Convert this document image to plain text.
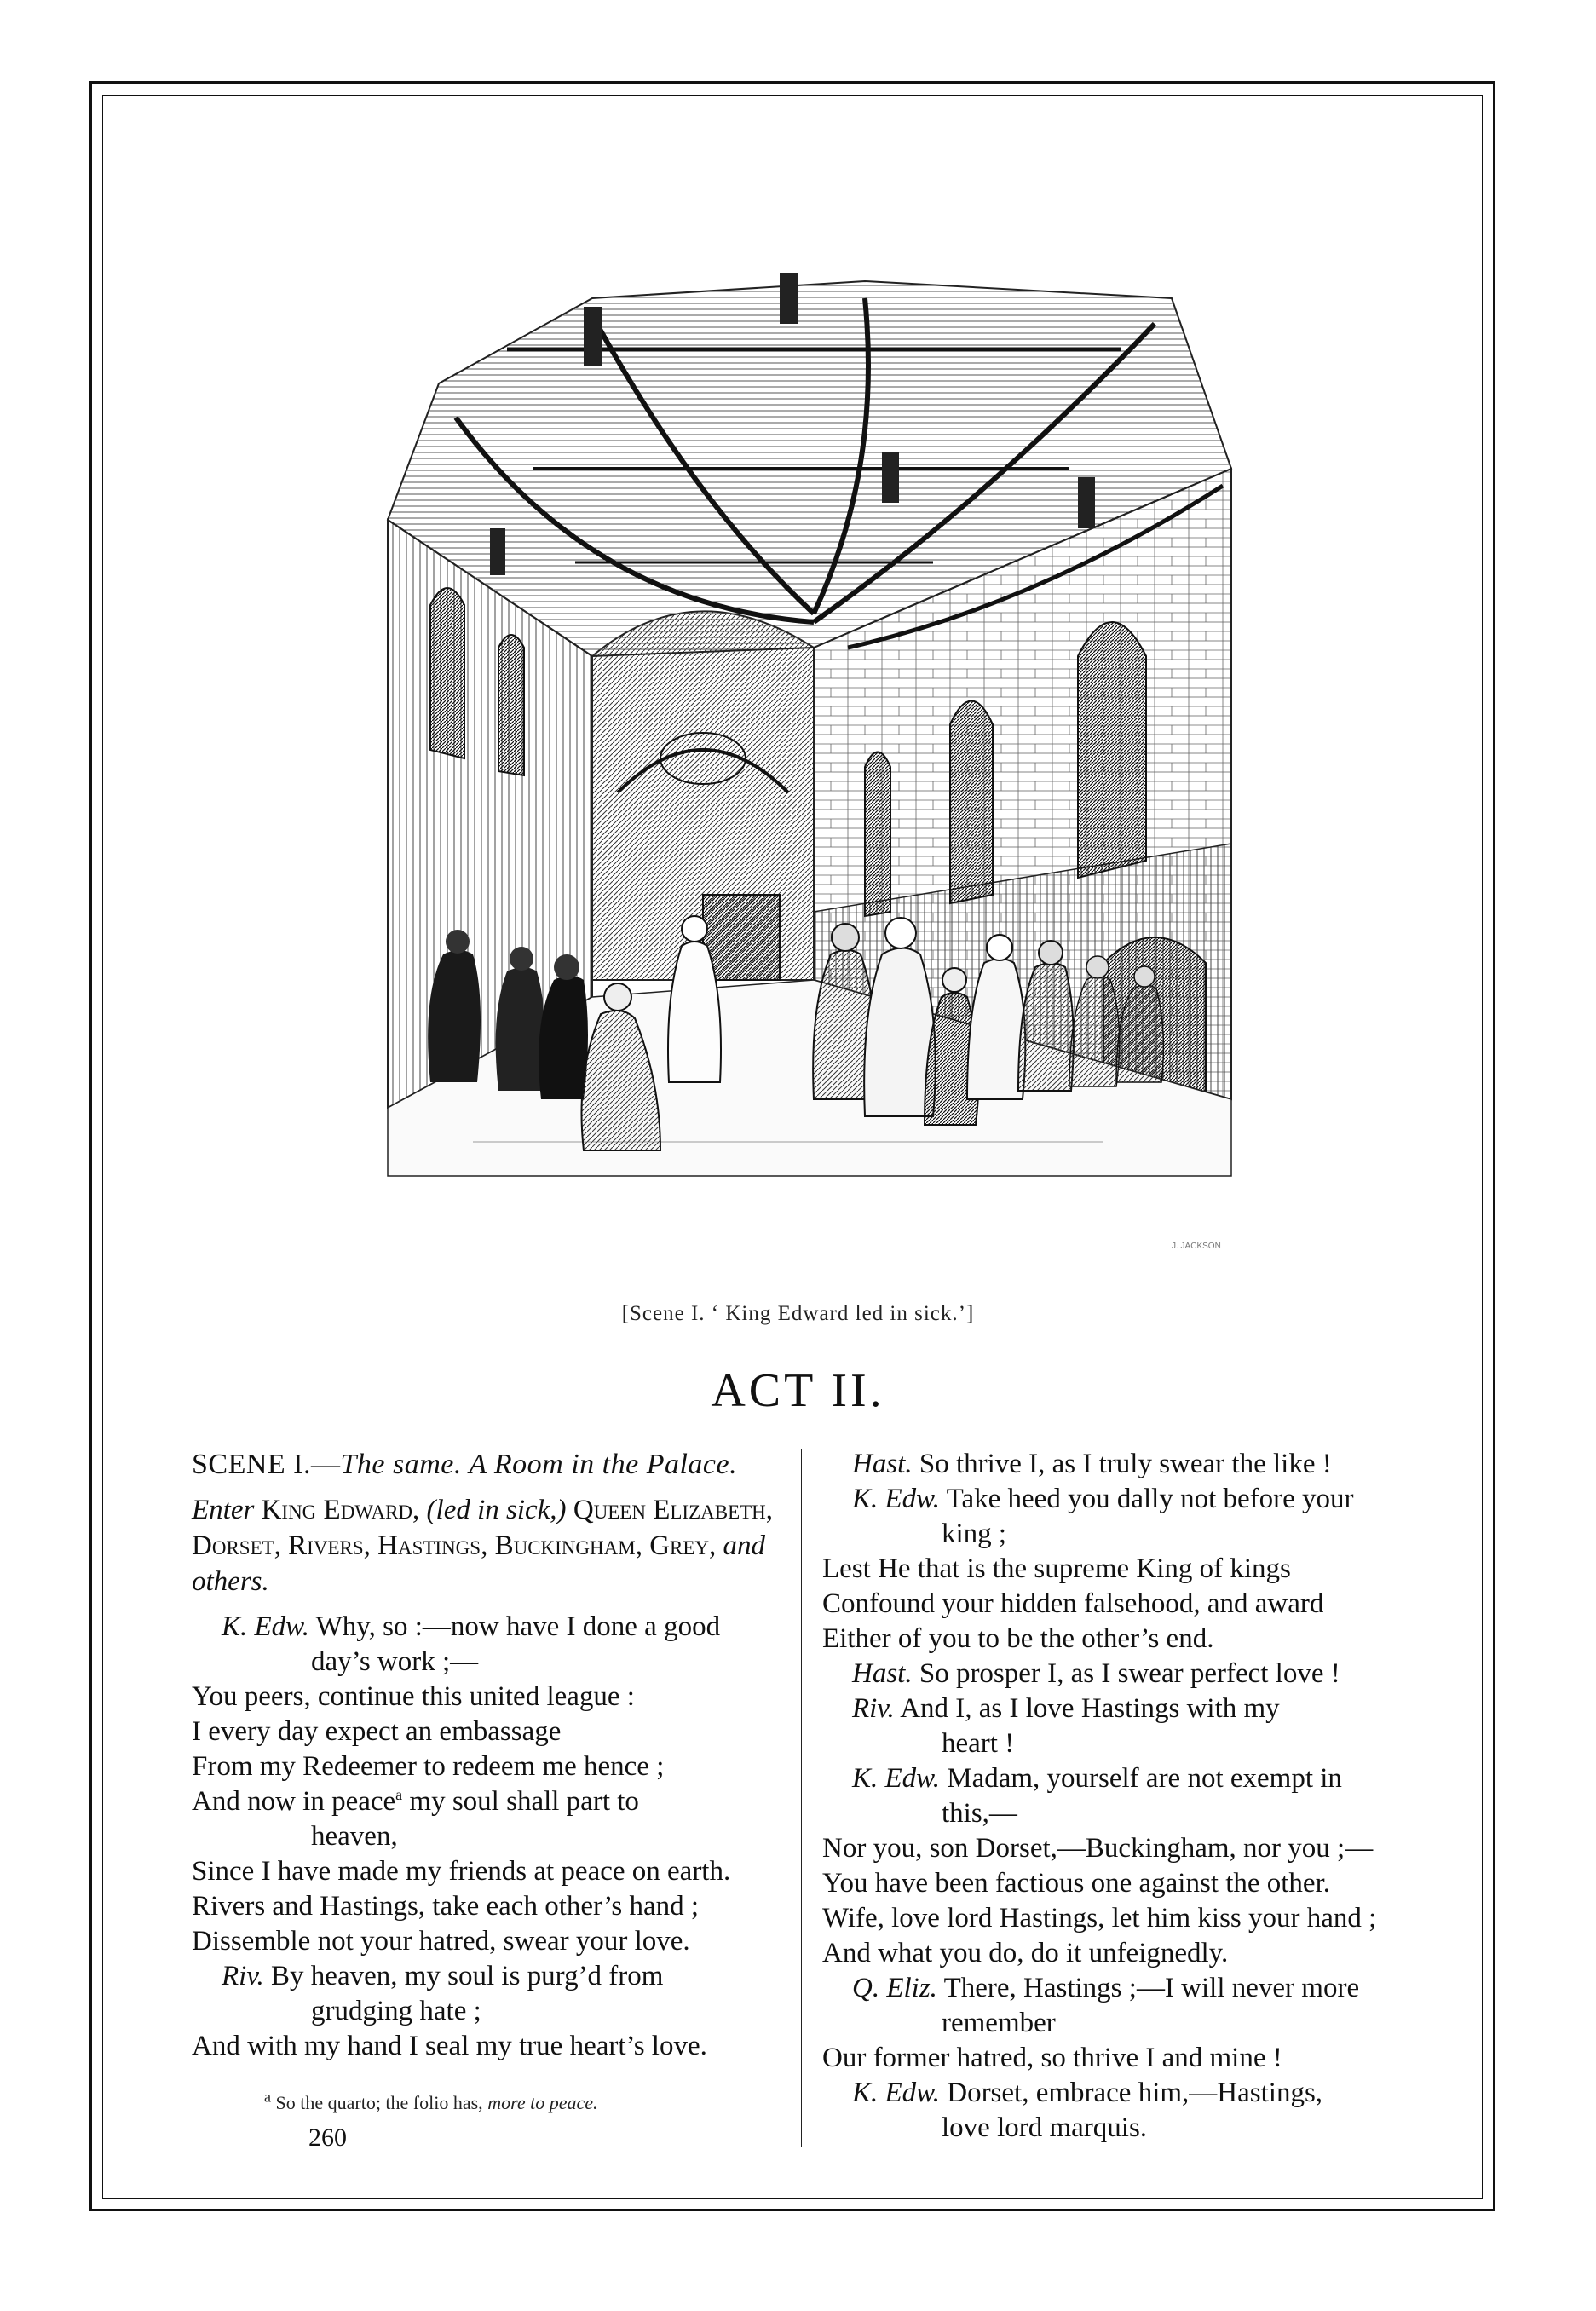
J. JACKSON
[Scene I. ‘ King Edward led in sick.’]
ACT II.
SCENE I.—The same. A Room in the Palace.
Enter King Edward, (led in sick,) Queen Elizabeth, Dorset, Rivers, Hastings, Buckingham, Grey, and others.
K. Edw. Why, so :—now have I done a good
day’s work ;—
You peers, continue this united league :
I every day expect an embassage
From my Redeemer to redeem me hence ;
And now in peace$^a$ my soul shall part to
heaven,
Since I have made my friends at peace on earth.
Rivers and Hastings, take each other’s hand ;
Dissemble not your hatred, swear your love.
Riv. By heaven, my soul is purg’d from
grudging hate ;
And with my hand I seal my true heart’s love.
Hast. So thrive I, as I truly swear the like !
K. Edw. Take heed you dally not before your
king ;
Lest He that is the supreme King of kings
Confound your hidden falsehood, and award
Either of you to be the other’s end.
Hast. So prosper I, as I swear perfect love !
Riv. And I, as I love Hastings with my
heart !
K. Edw. Madam, yourself are not exempt in
this,—
Nor you, son Dorset,—Buckingham, nor you ;—
You have been factious one against the other.
Wife, love lord Hastings, let him kiss your hand ;
And what you do, do it unfeignedly.
Q. Eliz. There, Hastings ;—I will never more
remember
Our former hatred, so thrive I and mine !
K. Edw. Dorset, embrace him,—Hastings,
love lord marquis.
$^a$ So the quarto; the folio has, more to peace.
260
